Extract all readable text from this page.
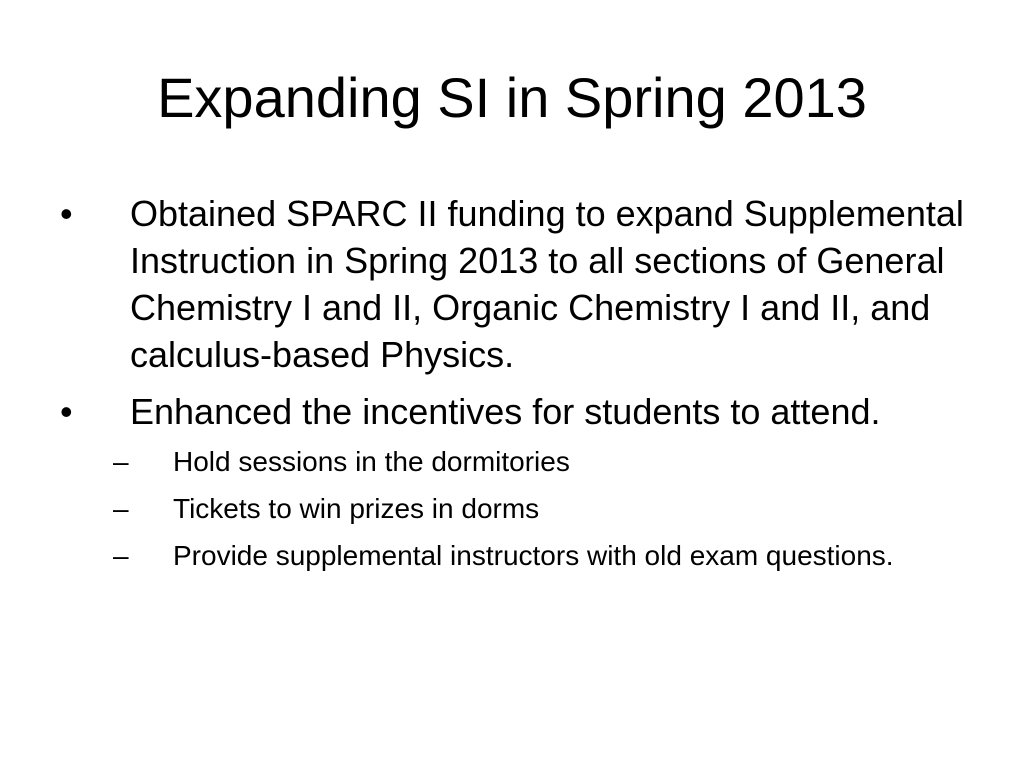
Expanding SI in Spring 2013
•	Obtained SPARC II funding to expand Supplemental Instruction in Spring 2013 to all sections of General Chemistry I and II, Organic Chemistry I and II, and calculus-based Physics.
•	Enhanced the incentives for students to attend.
–	Hold sessions in the dormitories
–	Tickets to win prizes in dorms
–	Provide supplemental instructors with old exam questions.
